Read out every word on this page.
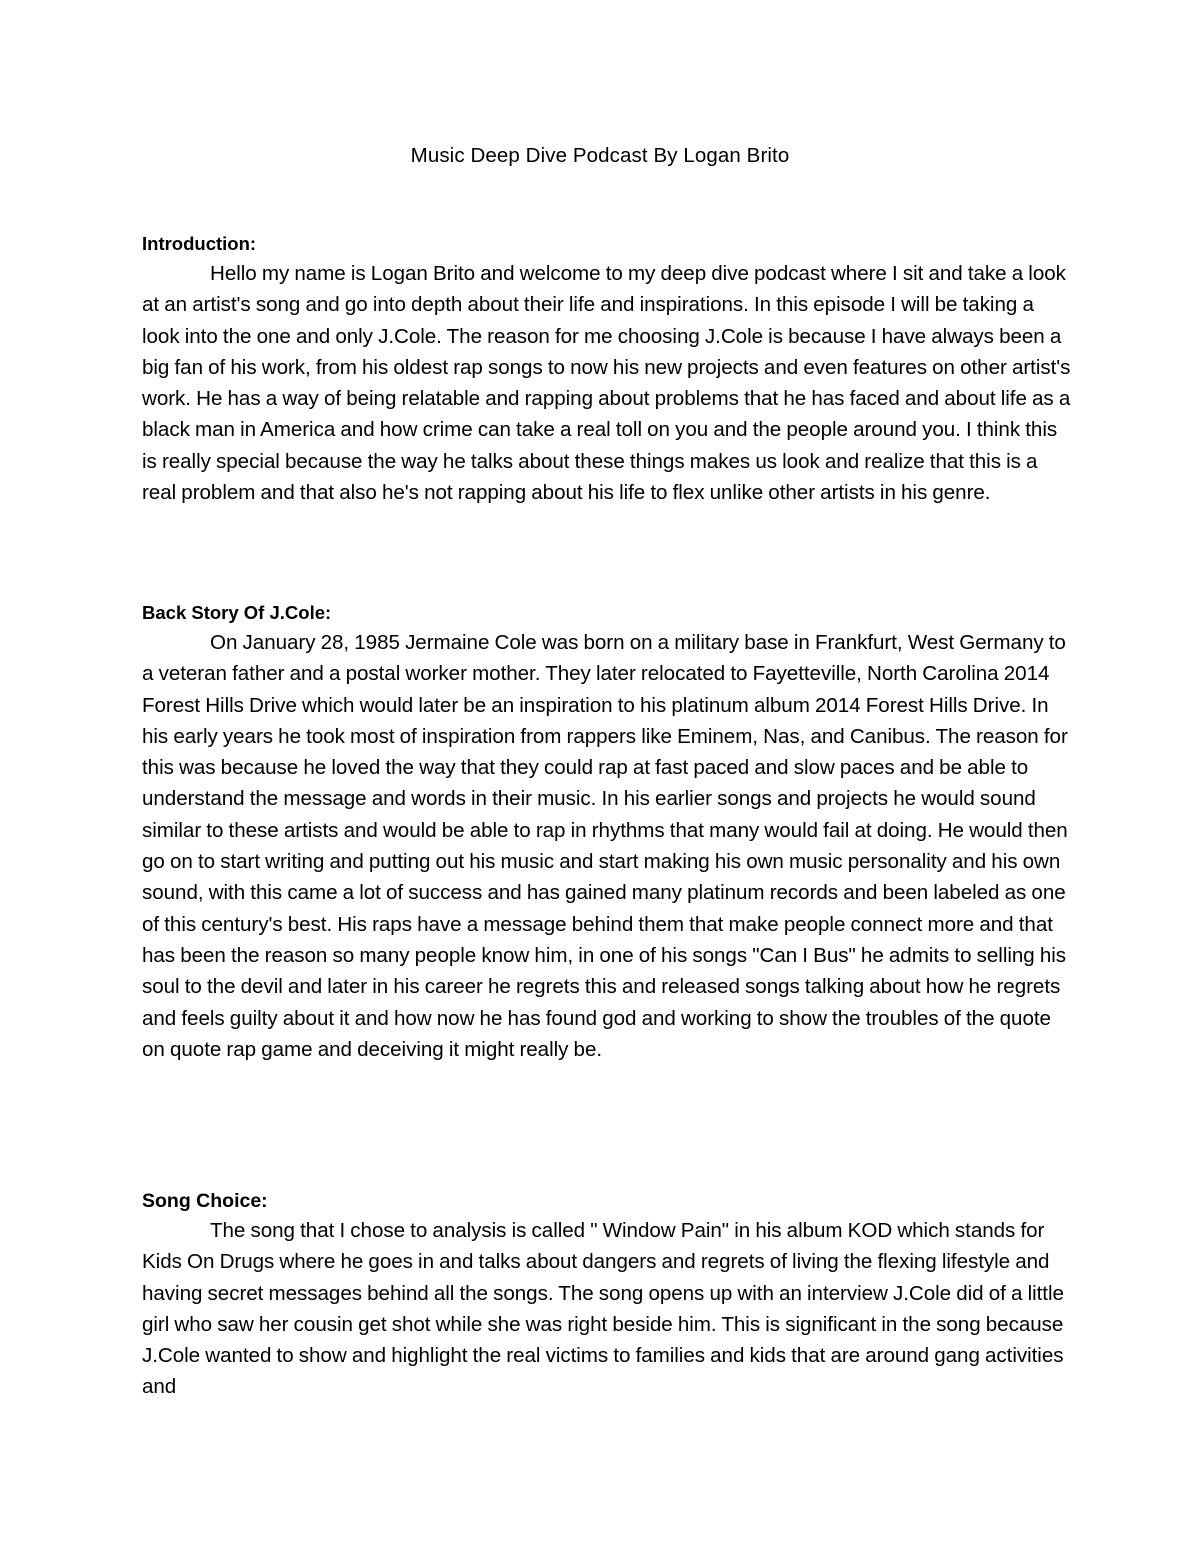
Music Deep Dive Podcast By Logan Brito

Introduction:

Hello my name is Logan Brito and welcome to my deep dive podcast where I sit and take a look at an artist's song and go into depth about their life and inspirations. In this episode I will be taking a look into the one and only J.Cole. The reason for me choosing J.Cole is because I have always been a big fan of his work, from his oldest rap songs to now his new projects and even features on other artist's work. He has a way of being relatable and rapping about problems that he has faced and about life as a black man in America and how crime can take a real toll on you and the people around you. I think this is really special because the way he talks about these things makes us look and realize that this is a real problem and that also he's not rapping about his life to flex unlike other artists in his genre.

Back Story Of J.Cole:

On January 28, 1985 Jermaine Cole was born on a military base in Frankfurt, West Germany to a veteran father and a postal worker mother. They later relocated to Fayetteville, North Carolina 2014 Forest Hills Drive which would later be an inspiration to his platinum album 2014 Forest Hills Drive. In his early years he took most of inspiration from rappers like Eminem, Nas, and Canibus. The reason for this was because he loved the way that they could rap at fast paced and slow paces and be able to understand the message and words in their music. In his earlier songs and projects he would sound similar to these artists and would be able to rap in rhythms that many would fail at doing. He would then go on to start writing and putting out his music and start making his own music personality and his own sound, with this came a lot of success and has gained many platinum records and been labeled as one of this century's best. His raps have a message behind them that make people connect more and that has been the reason so many people know him, in one of his songs "Can I Bus" he admits to selling his soul to the devil and later in his career he regrets this and released songs talking about how he regrets and feels guilty about it and how now he has found god and working to show the troubles of the quote on quote rap game and deceiving it might really be.

Song Choice:

The song that I chose to analysis is called " Window Pain" in his album KOD which stands for Kids On Drugs where he goes in and talks about dangers and regrets of living the flexing lifestyle and having secret messages behind all the songs. The song opens up with an interview J.Cole did of a little girl who saw her cousin get shot while she was right beside him. This is significant in the song because J.Cole wanted to show and highlight the real victims to families and kids that are around gang activities and
